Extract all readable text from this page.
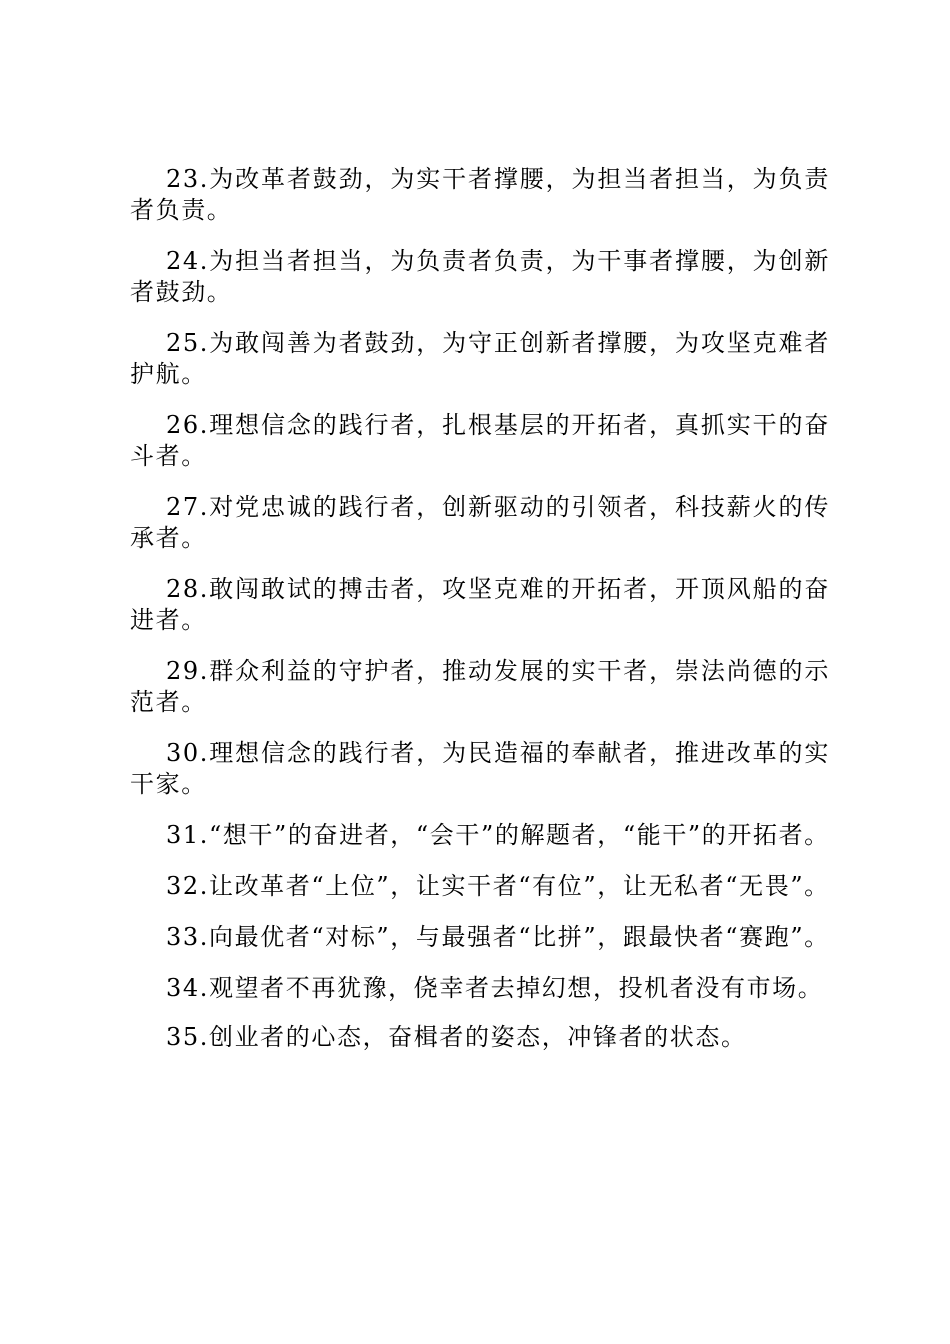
23.为改革者鼓劲，为实干者撑腰，为担当者担当，为负责者负责。

24.为担当者担当，为负责者负责，为干事者撑腰，为创新者鼓劲。

25.为敢闯善为者鼓劲，为守正创新者撑腰，为攻坚克难者护航。

26.理想信念的践行者，扎根基层的开拓者，真抓实干的奋斗者。

27.对党忠诚的践行者，创新驱动的引领者，科技薪火的传承者。

28.敢闯敢试的搏击者，攻坚克难的开拓者，开顶风船的奋进者。

29.群众利益的守护者，推动发展的实干者，崇法尚德的示范者。

30.理想信念的践行者，为民造福的奉献者，推进改革的实干家。

31.“想干”的奋进者，“会干”的解题者，“能干”的开拓者。

32.让改革者“上位”，让实干者“有位”，让无私者“无畏”。

33.向最优者“对标”，与最强者“比拼”，跟最快者“赛跑”。

34.观望者不再犹豫，侥幸者去掉幻想，投机者没有市场。

35.创业者的心态，奋楫者的姿态，冲锋者的状态。
